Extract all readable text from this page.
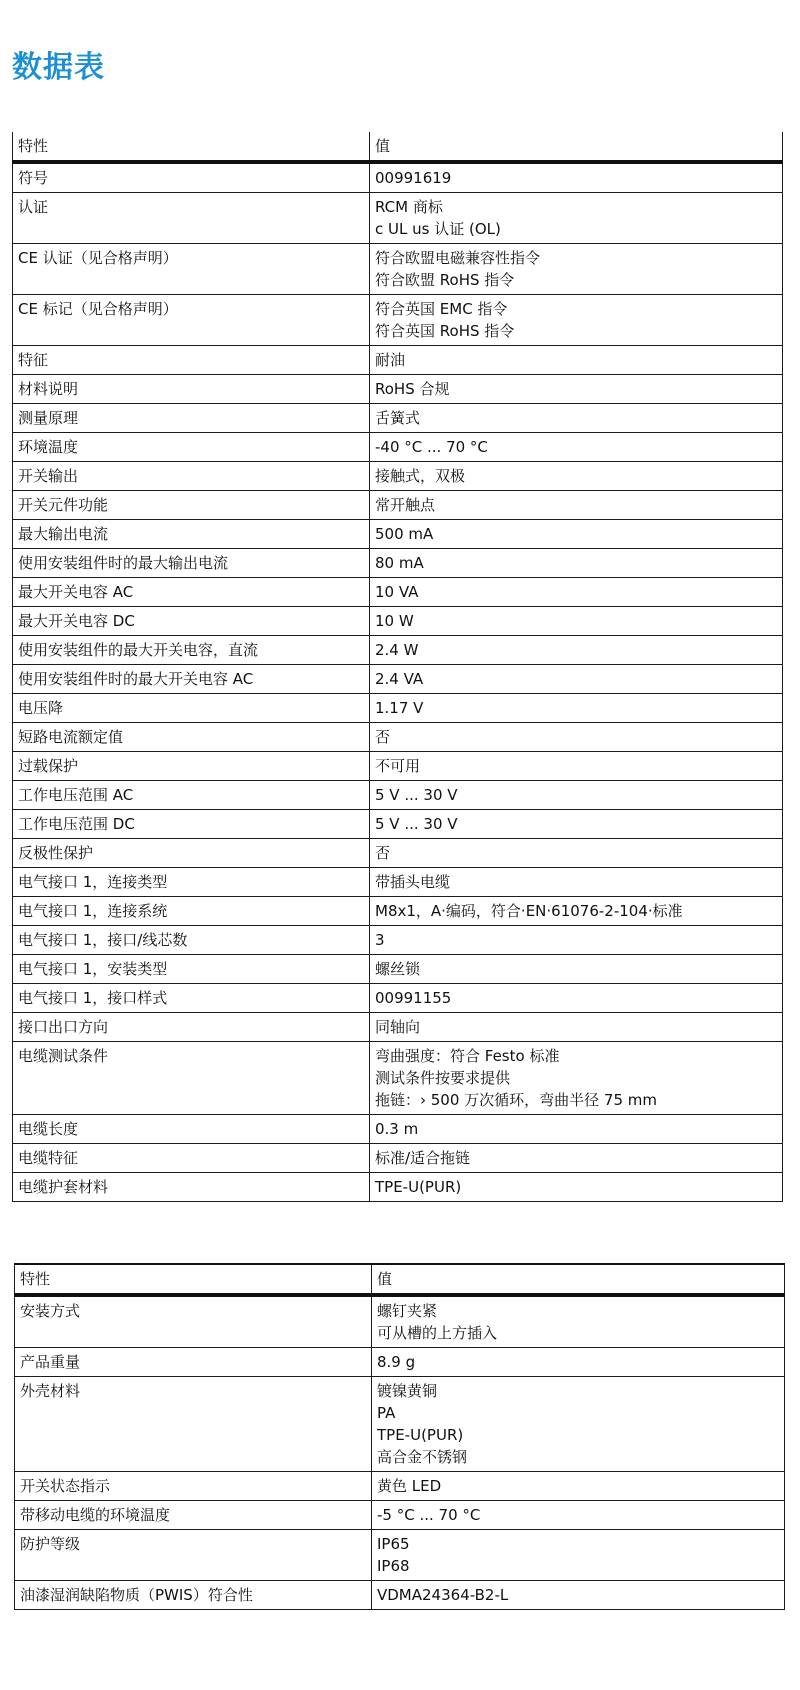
数据表
特性	值
符号	00991619

认证	RCM 商标
c UL us 认证 (OL)

CE 认证（见合格声明）	符合欧盟电磁兼容性指令
符合欧盟 RoHS 指令

CE 标记（见合格声明）	符合英国 EMC 指令
符合英国 RoHS 指令

特征	耐油

材料说明	RoHS 合规

测量原理	舌簧式

环境温度	-40 °C ... 70 °C

开关输出	接触式，双极

开关元件功能	常开触点

最大输出电流	500 mA

使用安装组件时的最大输出电流	80 mA

最大开关电容 AC	10 VA

最大开关电容 DC	10 W

使用安装组件的最大开关电容，直流	2.4 W

使用安装组件时的最大开关电容 AC	2.4 VA

电压降	1.17 V

短路电流额定值	否

过载保护	不可用

工作电压范围 AC	5 V ... 30 V

工作电压范围 DC	5 V ... 30 V

反极性保护	否

电气接口 1，连接类型	带插头电缆

电气接口 1，连接系统	M8x1，A·编码，符合·EN·61076-2-104·标准

电气接口 1，接口/线芯数	3

电气接口 1，安装类型	螺丝锁

电气接口 1，接口样式	00991155

接口出口方向	同轴向

电缆测试条件	弯曲强度：符合 Festo 标准
测试条件按要求提供
拖链：› 500 万次循环，弯曲半径 75 mm

电缆长度	0.3 m

电缆特征	标准/适合拖链

电缆护套材料	TPE-U(PUR)
特性	值
安装方式	螺钉夹紧
可从槽的上方插入

产品重量	8.9 g

外壳材料	镀镍黄铜
PA
TPE-U(PUR)
高合金不锈钢

开关状态指示	黄色 LED

带移动电缆的环境温度	-5 °C ... 70 °C

防护等级	IP65
IP68

油漆湿润缺陷物质（PWIS）符合性	VDMA24364-B2-L
